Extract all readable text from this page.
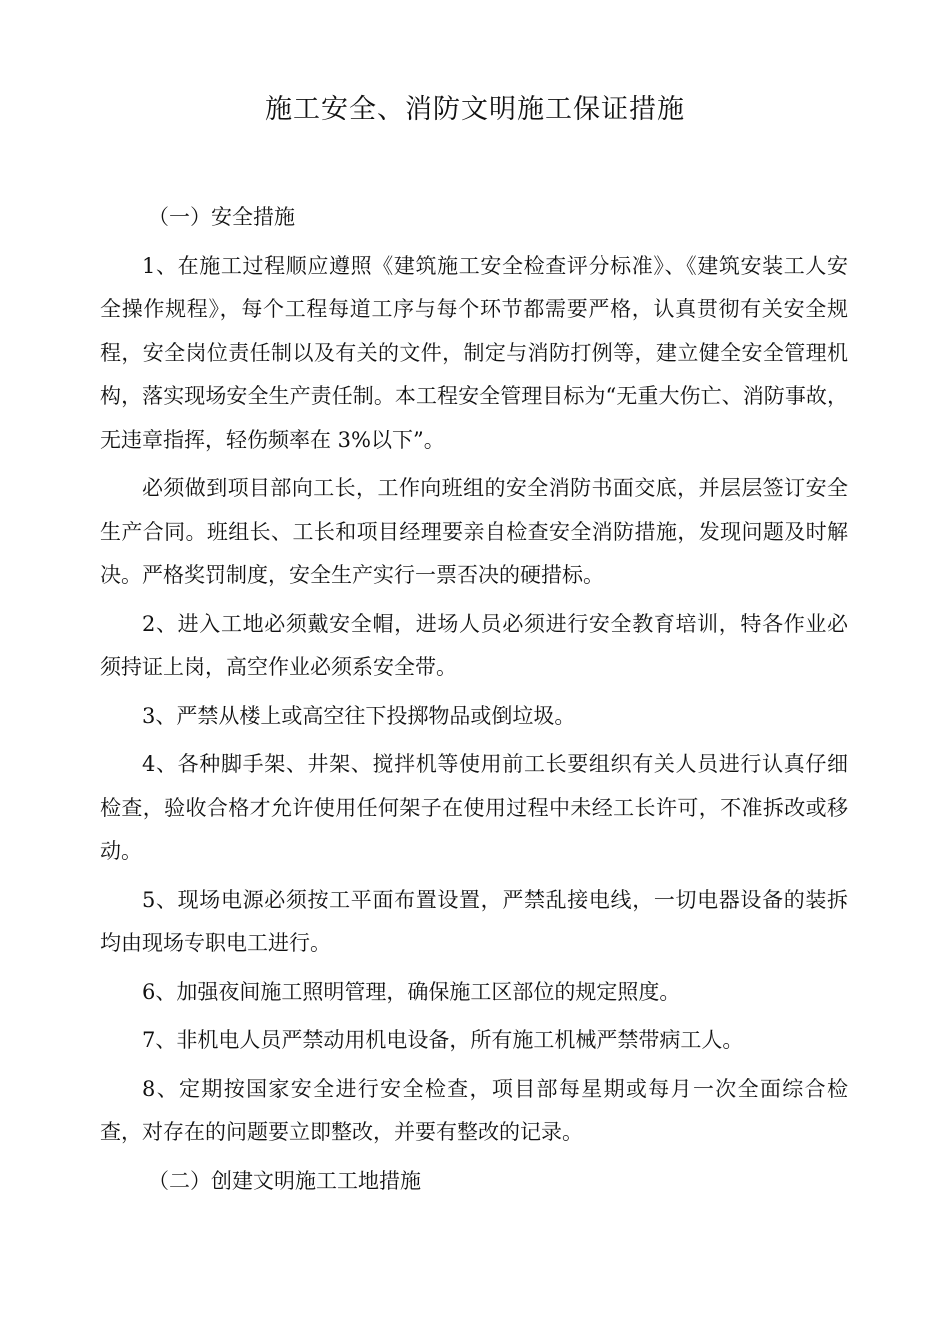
施工安全、消防文明施工保证措施

（一）安全措施

1、在施工过程顺应遵照《建筑施工安全检查评分标准》、《建筑安装工人安全操作规程》，每个工程每道工序与每个环节都需要严格，认真贯彻有关安全规程，安全岗位责任制以及有关的文件，制定与消防打例等，建立健全安全管理机构，落实现场安全生产责任制。本工程安全管理目标为“无重大伤亡、消防事故，无违章指挥，轻伤频率在 3%以下”。

必须做到项目部向工长，工作向班组的安全消防书面交底，并层层签订安全生产合同。班组长、工长和项目经理要亲自检查安全消防措施，发现问题及时解决。严格奖罚制度，安全生产实行一票否决的硬措标。

2、进入工地必须戴安全帽，进场人员必须进行安全教育培训，特各作业必须持证上岗，高空作业必须系安全带。

3、严禁从楼上或高空往下投掷物品或倒垃圾。

4、各种脚手架、井架、搅拌机等使用前工长要组织有关人员进行认真仔细检查，验收合格才允许使用任何架子在使用过程中未经工长许可，不准拆改或移动。

5、现场电源必须按工平面布置设置，严禁乱接电线，一切电器设备的装拆均由现场专职电工进行。

6、加强夜间施工照明管理，确保施工区部位的规定照度。

7、非机电人员严禁动用机电设备，所有施工机械严禁带病工人。

8、定期按国家安全进行安全检查，项目部每星期或每月一次全面综合检查，对存在的问题要立即整改，并要有整改的记录。

（二）创建文明施工工地措施
